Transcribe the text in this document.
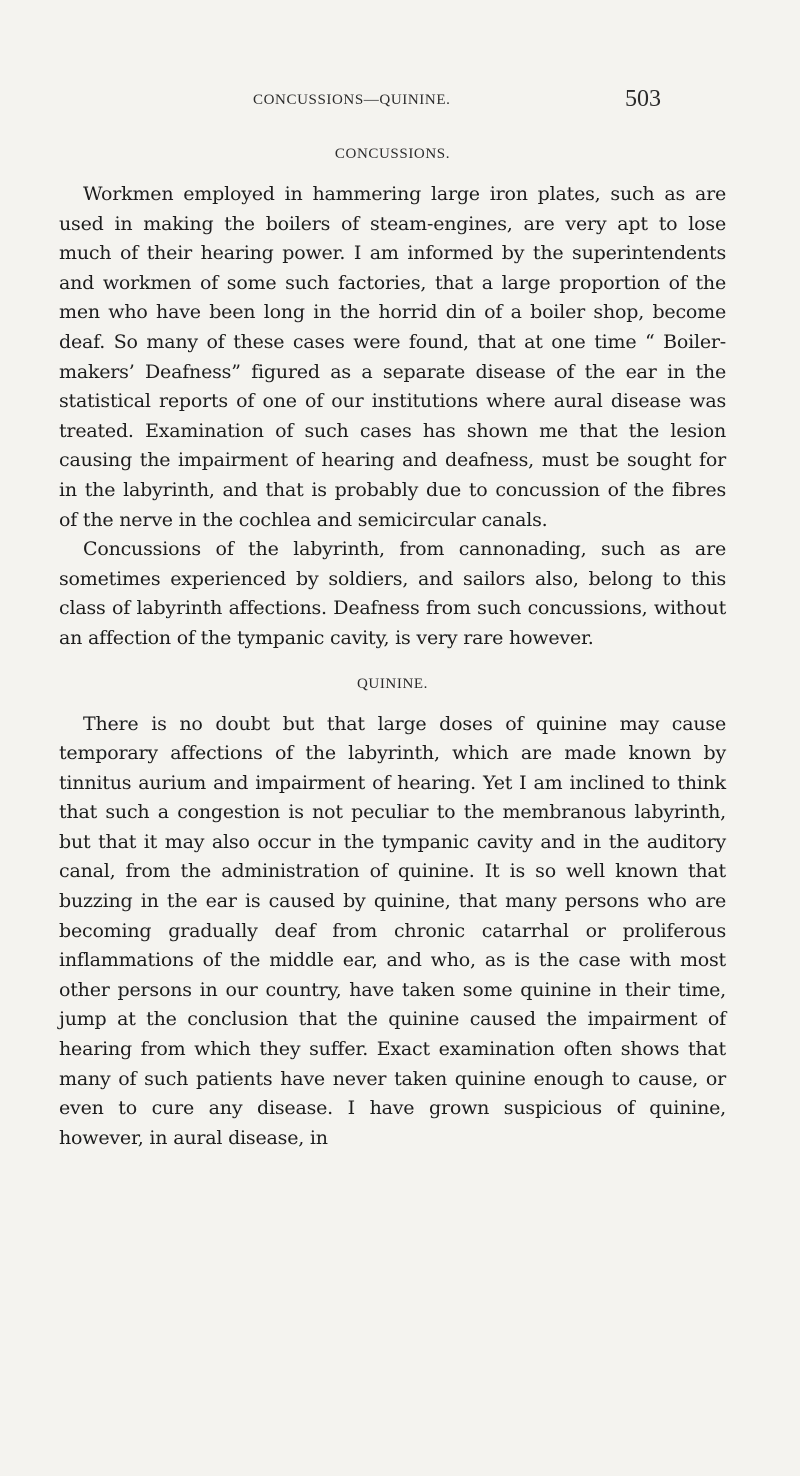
CONCUSSIONS—QUININE.	503
CONCUSSIONS.

Workmen employed in hammering large iron plates, such as are used in making the boilers of steam-engines, are very apt to lose much of their hearing power. I am informed by the superintendents and workmen of some such factories, that a large proportion of the men who have been long in the horrid din of a boiler shop, become deaf. So many of these cases were found, that at one time “ Boiler-makers’ Deafness” figured as a separate disease of the ear in the statistical reports of one of our institutions where aural disease was treated. Examination of such cases has shown me that the lesion causing the impairment of hearing and deafness, must be sought for in the labyrinth, and that is probably due to concussion of the fibres of the nerve in the cochlea and semicircular canals.

Concussions of the labyrinth, from cannonading, such as are sometimes experienced by soldiers, and sailors also, belong to this class of labyrinth affections. Deafness from such concussions, without an affection of the tympanic cavity, is very rare however.

QUININE.

There is no doubt but that large doses of quinine may cause temporary affections of the labyrinth, which are made known by tinnitus aurium and impairment of hearing. Yet I am inclined to think that such a congestion is not peculiar to the membranous labyrinth, but that it may also occur in the tympanic cavity and in the auditory canal, from the administration of quinine. It is so well known that buzzing in the ear is caused by quinine, that many persons who are becoming gradually deaf from chronic catarrhal or proliferous inflammations of the middle ear, and who, as is the case with most other persons in our country, have taken some quinine in their time, jump at the conclusion that the quinine caused the impairment of hearing from which they suffer. Exact examination often shows that many of such patients have never taken quinine enough to cause, or even to cure any disease. I have grown suspicious of quinine, however, in aural disease, in
